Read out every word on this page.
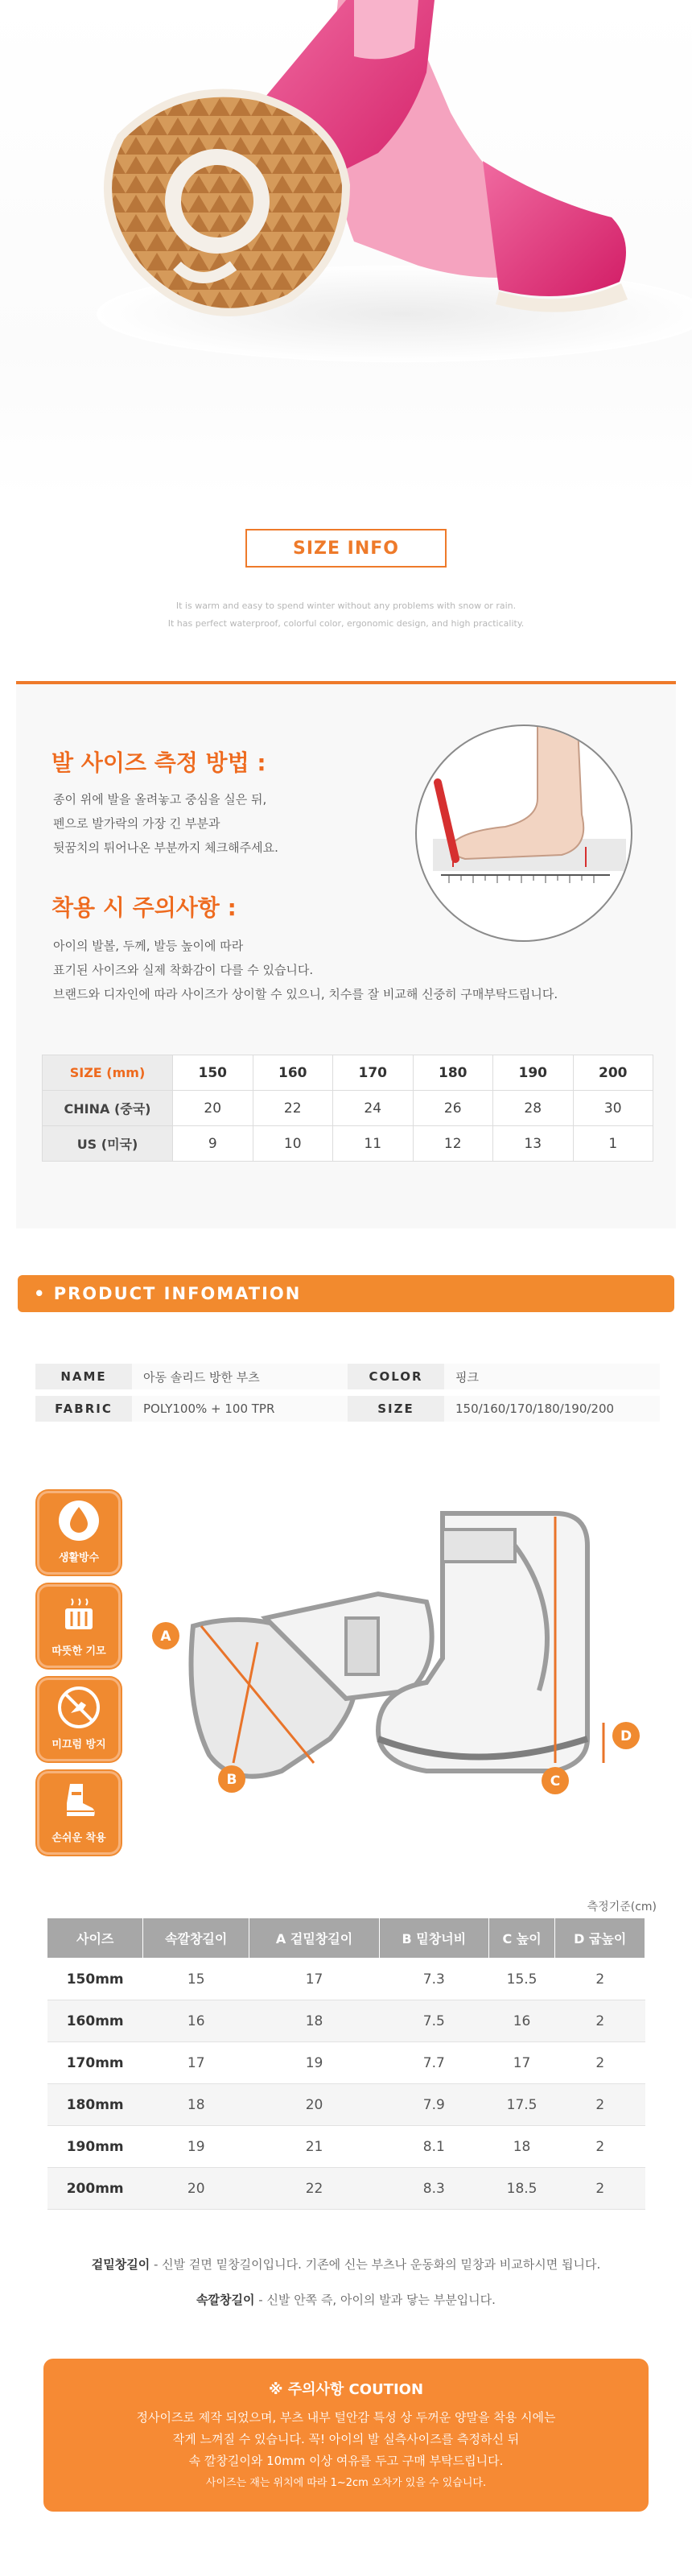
SIZE INFO
It is warm and easy to spend winter without any problems with snow or rain.
It has perfect waterproof, colorful color, ergonomic design, and high practicality.
발 사이즈 측정 방법 :
종이 위에 발을 올려놓고 중심을 실은 뒤,
펜으로 발가락의 가장 긴 부분과
뒷꿈치의 튀어나온 부분까지 체크해주세요.
착용 시 주의사항 :
아이의 발볼, 두께, 발등 높이에 따라
표기된 사이즈와 실제 착화감이 다를 수 있습니다.
브랜드와 디자인에 따라 사이즈가 상이할 수 있으니, 치수를 잘 비교해 신중히 구매부탁드립니다.
SIZE (mm)	150	160	170	180	190	200
CHINA (중국)	20	22	24	26	28	30
US (미국)	9	10	11	12	13	1
• PRODUCT INFOMATION
NAME	아동 솔리드 방한 부츠	COLOR	핑크
FABRIC	POLY100% + 100 TPR	SIZE	150/160/170/180/190/200
생활방수
따뜻한 기모
미끄럼 방지
손쉬운 착용
A
B	C
D
측정기준(cm)
사이즈	속깔창길이	A 겉밑창길이	B 밑창너비	C 높이	D 굽높이
150mm	15	17	7.3	15.5	2
160mm	16	18	7.5	16	2
170mm	17	19	7.7	17	2
180mm	18	20	7.9	17.5	2
190mm	19	21	8.1	18	2
200mm	20	22	8.3	18.5	2
겉밑창길이 - 신발 겉면 밑창길이입니다. 기존에 신는 부츠나 운동화의 밑창과 비교하시면 됩니다.
속깔창길이 - 신발 안쪽 즉, 아이의 발과 닿는 부분입니다.
※ 주의사항 COUTION
정사이즈로 제작 되었으며, 부츠 내부 털안감 특성 상 두꺼운 양말을 착용 시에는
작게 느껴질 수 있습니다. 꼭! 아이의 발 실측사이즈를 측정하신 뒤
속 깔창길이와 10mm 이상 여유를 두고 구매 부탁드립니다.
사이즈는 재는 위치에 따라 1~2cm 오차가 있을 수 있습니다.
